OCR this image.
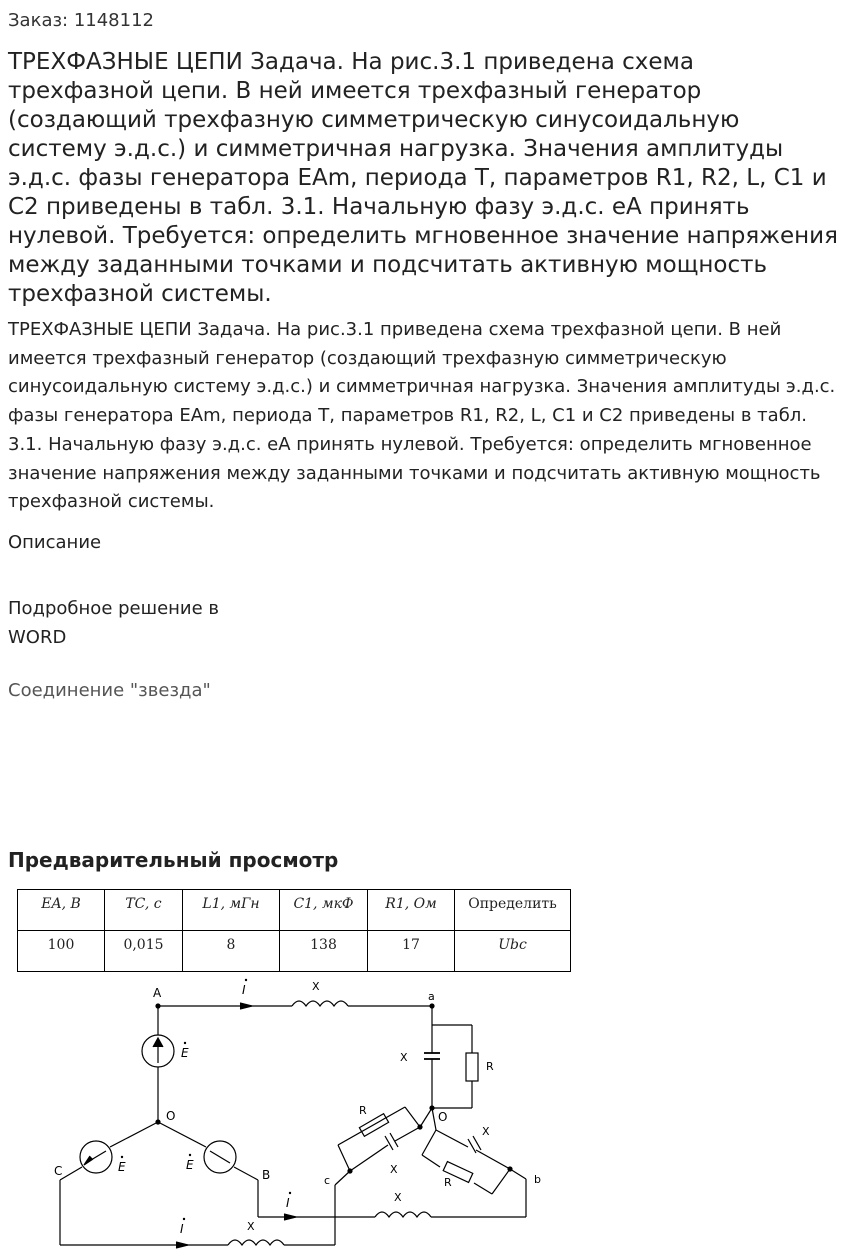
Заказ: 1148112
ТРЕХФАЗНЫЕ ЦЕПИ Задача. На рис.3.1 приведена схема трехфазной цепи. В ней имеется трехфазный генератор (создающий трехфазную симметрическую синусоидальную систему э.д.с.) и симметричная нагрузка. Значения амплитуды э.д.с. фазы генератора EAm, периода Т, параметров R1, R2, L, C1 и C2 приведены в табл. 3.1. Начальную фазу э.д.с. еА принять нулевой. Требуется: определить мгновенное значение напряжения между заданными точками и подсчитать активную мощность трехфазной системы.

ТРЕХФАЗНЫЕ ЦЕПИ Задача. На рис.3.1 приведена схема трехфазной цепи. В ней имеется трехфазный генератор (создающий трехфазную симметрическую синусоидальную систему э.д.с.) и симметричная нагрузка. Значения амплитуды э.д.с. фазы генератора EAm, периода Т, параметров R1, R2, L, C1 и C2 приведены в табл. 3.1. Начальную фазу э.д.с. еА принять нулевой. Требуется: определить мгновенное значение напряжения между заданными точками и подсчитать активную мощность трехфазной системы.

Описание
Подробное решение в WORD
Соединение "звезда"
Предварительный просмотр
EA, В	TC, с	L1, мГн	C1, мкФ	R1, Ом	Определить
100	0,015	8	138	17	Ubc
A
C	B
O
a
c	b
O
I
I
I
E
E
E
X
X
X
X
R
R
X
X
R
